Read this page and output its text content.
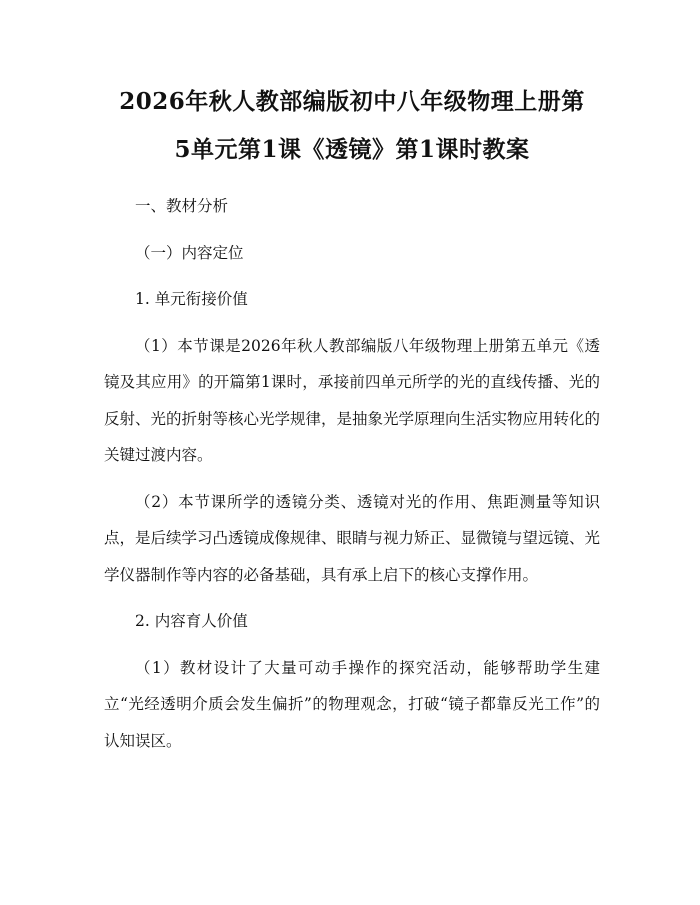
2026年秋人教部编版初中八年级物理上册第
5单元第1课《透镜》第1课时教案

一、教材分析

（一）内容定位

1. 单元衔接价值

（1）本节课是2026年秋人教部编版八年级物理上册第五单元《透镜及其应用》的开篇第1课时，承接前四单元所学的光的直线传播、光的反射、光的折射等核心光学规律，是抽象光学原理向生活实物应用转化的关键过渡内容。

（2）本节课所学的透镜分类、透镜对光的作用、焦距测量等知识点，是后续学习凸透镜成像规律、眼睛与视力矫正、显微镜与望远镜、光学仪器制作等内容的必备基础，具有承上启下的核心支撑作用。

2. 内容育人价值

（1）教材设计了大量可动手操作的探究活动，能够帮助学生建立“光经透明介质会发生偏折”的物理观念，打破“镜子都靠反光工作”的认知误区。
